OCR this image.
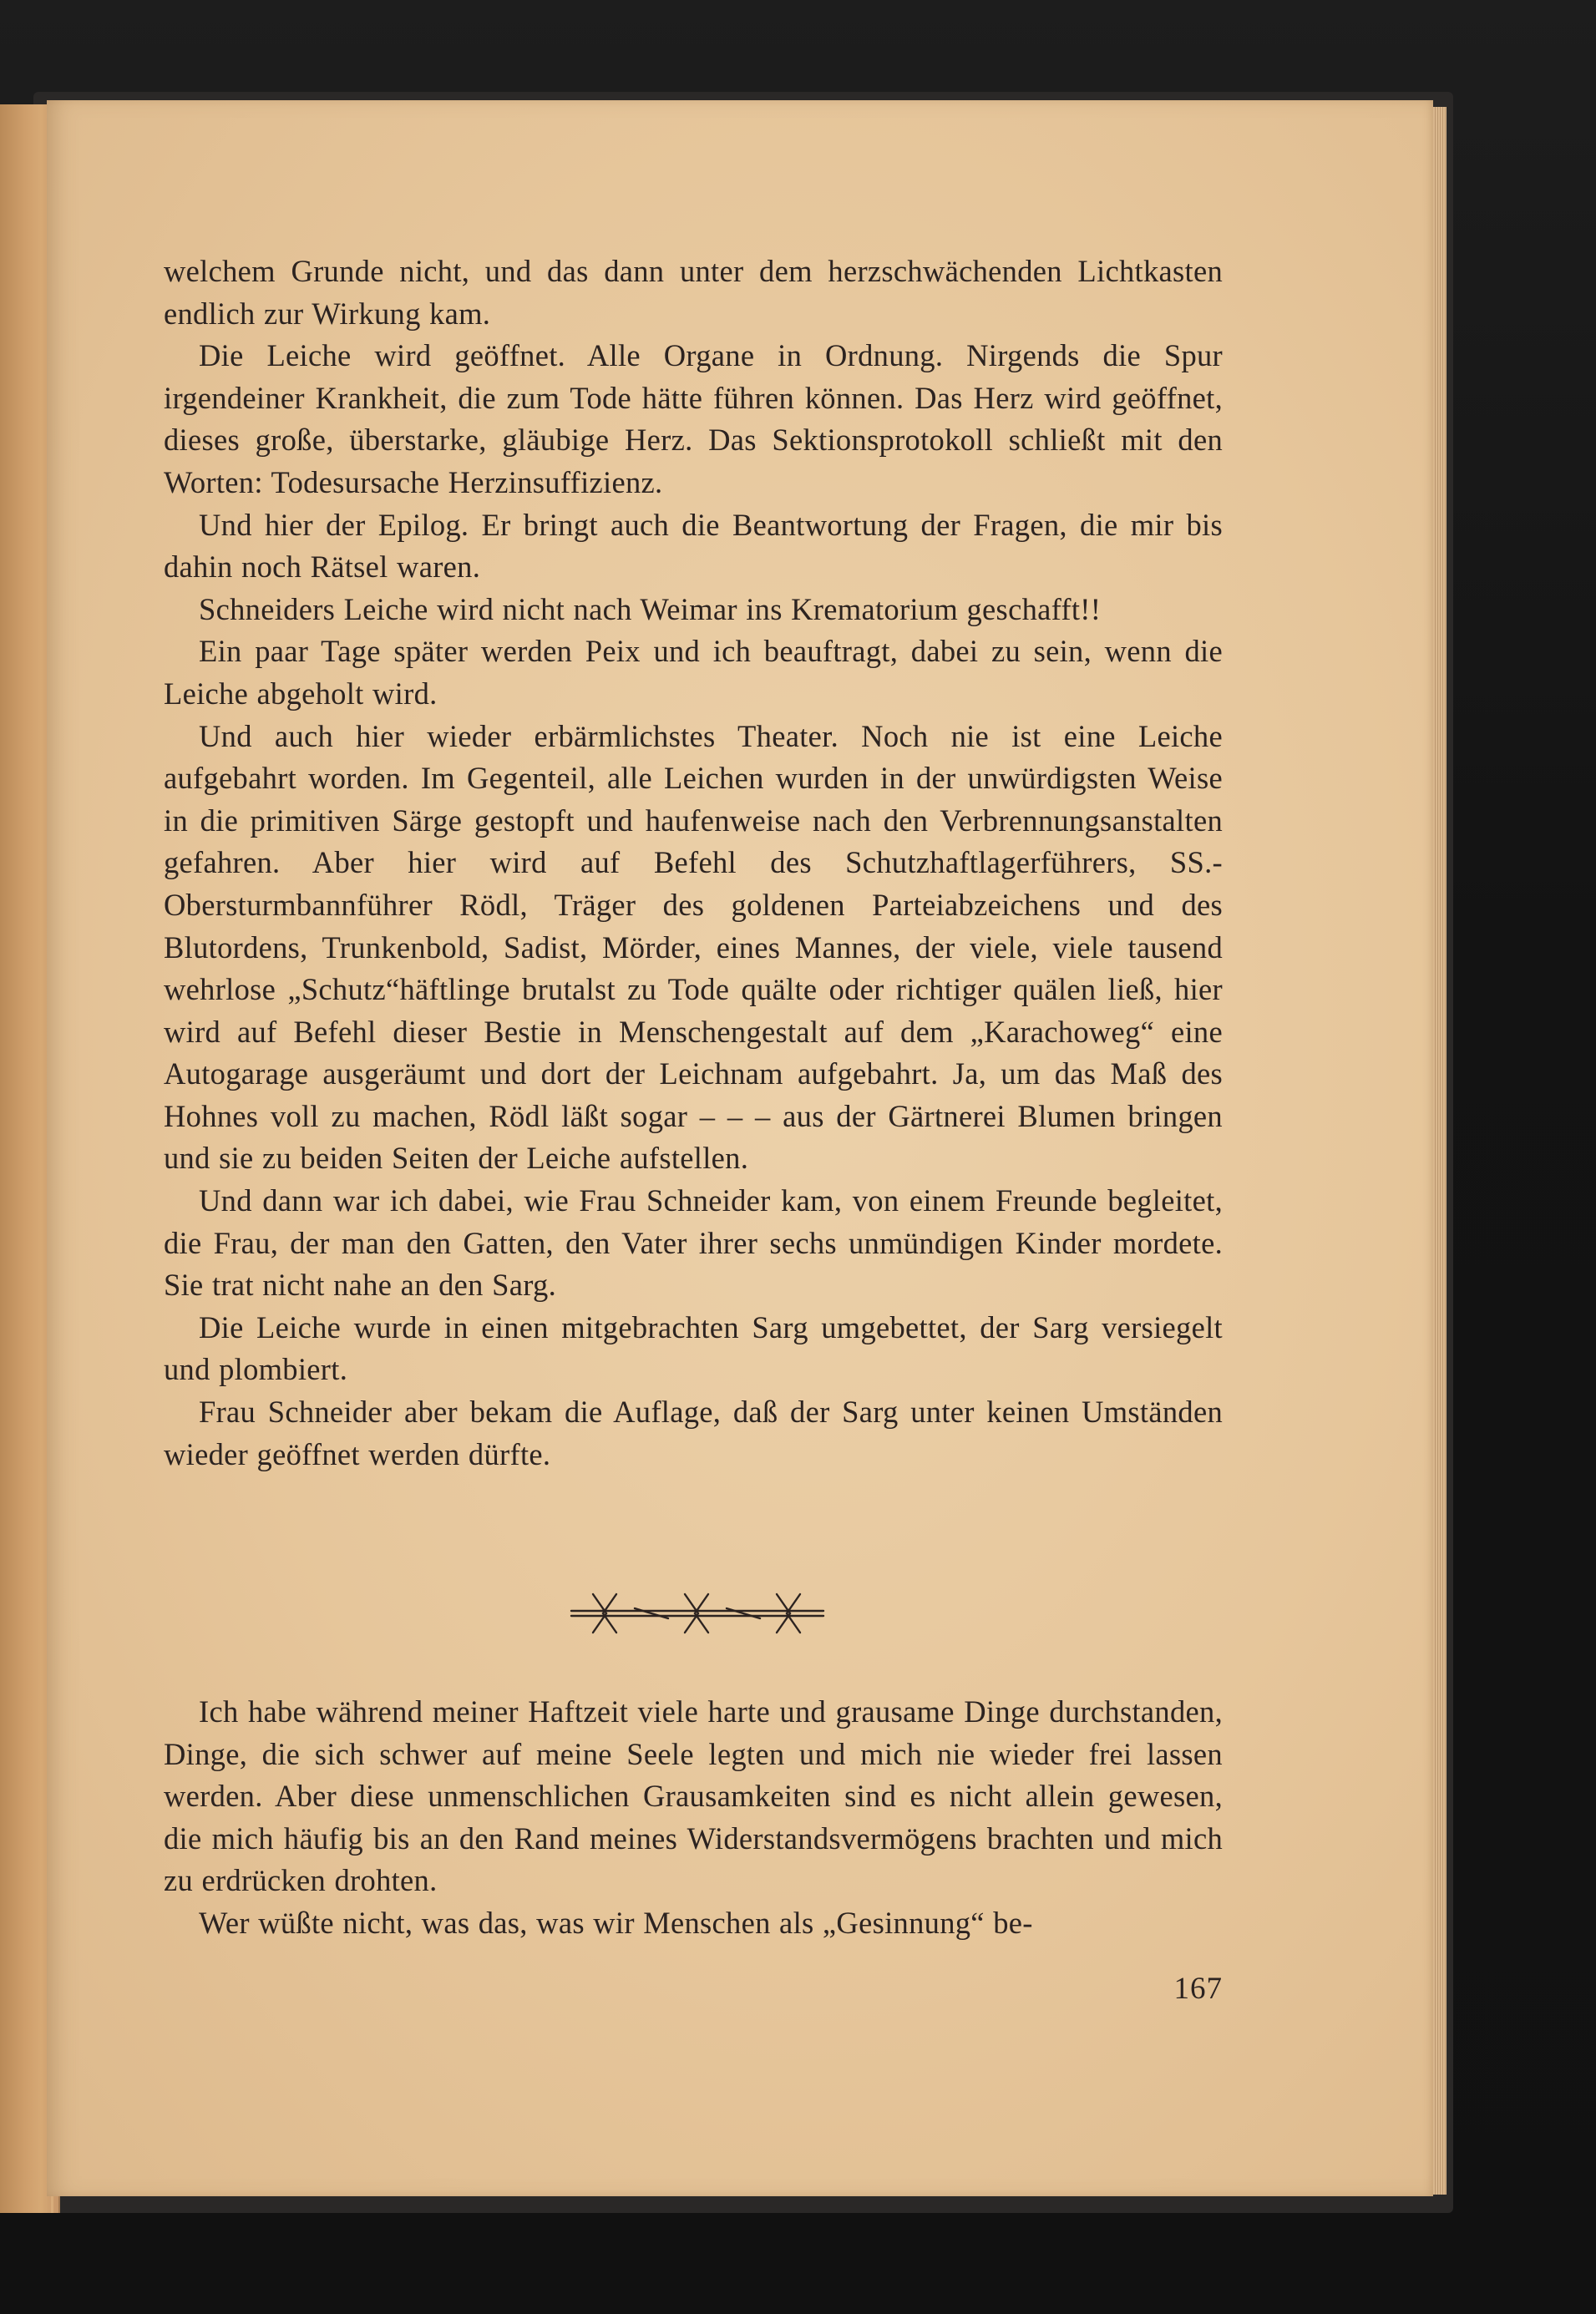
welchem Grunde nicht, und das dann unter dem herzschwächenden Lichtkasten endlich zur Wirkung kam.

Die Leiche wird geöffnet. Alle Organe in Ordnung. Nirgends die Spur irgendeiner Krankheit, die zum Tode hätte führen können. Das Herz wird geöffnet, dieses große, überstarke, gläubige Herz. Das Sektionsprotokoll schließt mit den Worten: Todesursache Herzinsuffizienz.

Und hier der Epilog. Er bringt auch die Beantwortung der Fragen, die mir bis dahin noch Rätsel waren.

Schneiders Leiche wird nicht nach Weimar ins Krematorium geschafft!!

Ein paar Tage später werden Peix und ich beauftragt, dabei zu sein, wenn die Leiche abgeholt wird.

Und auch hier wieder erbärmlichstes Theater. Noch nie ist eine Leiche aufgebahrt worden. Im Gegenteil, alle Leichen wurden in der unwürdigsten Weise in die primitiven Särge gestopft und haufenweise nach den Verbrennungsanstalten gefahren. Aber hier wird auf Befehl des Schutzhaftlagerführers, SS.-Obersturmbannführer Rödl, Träger des goldenen Parteiabzeichens und des Blutordens, Trunkenbold, Sadist, Mörder, eines Mannes, der viele, viele tausend wehrlose „Schutz“häftlinge brutalst zu Tode quälte oder richtiger quälen ließ, hier wird auf Befehl dieser Bestie in Menschengestalt auf dem „Karachoweg“ eine Autogarage ausgeräumt und dort der Leichnam aufgebahrt. Ja, um das Maß des Hohnes voll zu machen, Rödl läßt sogar – – – aus der Gärtnerei Blumen bringen und sie zu beiden Seiten der Leiche aufstellen.

Und dann war ich dabei, wie Frau Schneider kam, von einem Freunde begleitet, die Frau, der man den Gatten, den Vater ihrer sechs unmündigen Kinder mordete. Sie trat nicht nahe an den Sarg.

Die Leiche wurde in einen mitgebrachten Sarg umgebettet, der Sarg versiegelt und plombiert.

Frau Schneider aber bekam die Auflage, daß der Sarg unter keinen Umständen wieder geöffnet werden dürfte.

Ich habe während meiner Haftzeit viele harte und grausame Dinge durchstanden, Dinge, die sich schwer auf meine Seele legten und mich nie wieder frei lassen werden. Aber diese unmenschlichen Grausamkeiten sind es nicht allein gewesen, die mich häufig bis an den Rand meines Widerstandsvermögens brachten und mich zu erdrücken drohten.

Wer wüßte nicht, was das, was wir Menschen als „Gesinnung“ be-

167
